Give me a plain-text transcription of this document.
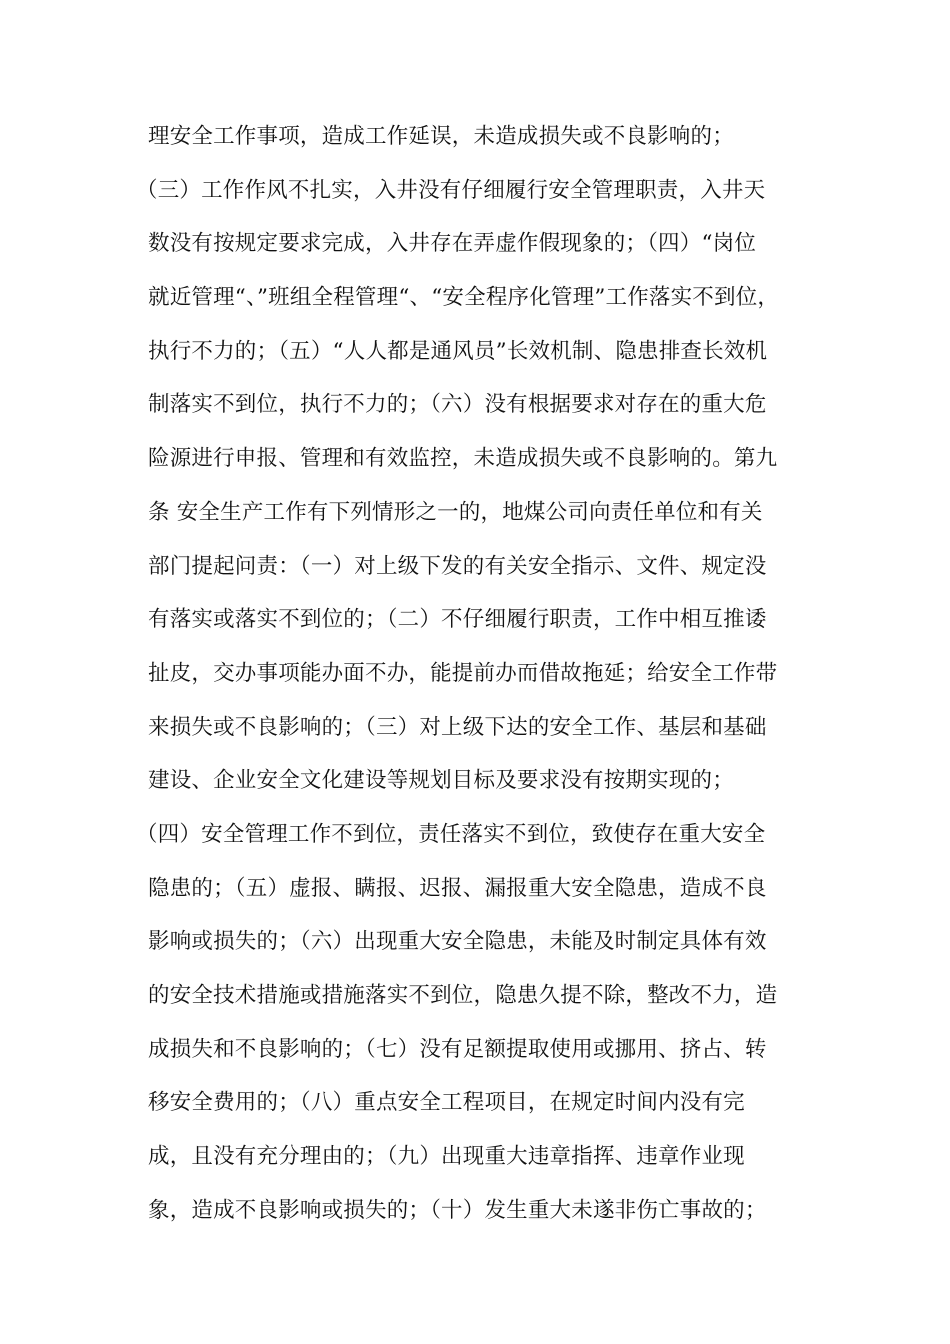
理安全工作事项，造成工作延误，未造成损失或不良影响的；
（三）工作作风不扎实，入井没有仔细履行安全管理职责，入井天
数没有按规定要求完成，入井存在弄虚作假现象的；（四）“岗位
就近管理“、”班组全程管理“、“安全程序化管理”工作落实不到位，
执行不力的；（五）“人人都是通风员”长效机制、隐患排查长效机
制落实不到位，执行不力的；（六）没有根据要求对存在的重大危
险源进行申报、管理和有效监控，未造成损失或不良影响的。第九
条 安全生产工作有下列情形之一的，地煤公司向责任单位和有关
部门提起问责：（一）对上级下发的有关安全指示、文件、规定没
有落实或落实不到位的；（二）不仔细履行职责，工作中相互推诿
扯皮，交办事项能办面不办，能提前办而借故拖延；给安全工作带
来损失或不良影响的；（三）对上级下达的安全工作、基层和基础
建设、企业安全文化建设等规划目标及要求没有按期实现的；
（四）安全管理工作不到位，责任落实不到位，致使存在重大安全
隐患的；（五）虚报、瞒报、迟报、漏报重大安全隐患，造成不良
影响或损失的；（六）出现重大安全隐患，未能及时制定具体有效
的安全技术措施或措施落实不到位，隐患久提不除，整改不力，造
成损失和不良影响的；（七）没有足额提取使用或挪用、挤占、转
移安全费用的；（八）重点安全工程项目，在规定时间内没有完
成，且没有充分理由的；（九）出现重大违章指挥、违章作业现
象，造成不良影响或损失的；（十）发生重大未遂非伤亡事故的；
